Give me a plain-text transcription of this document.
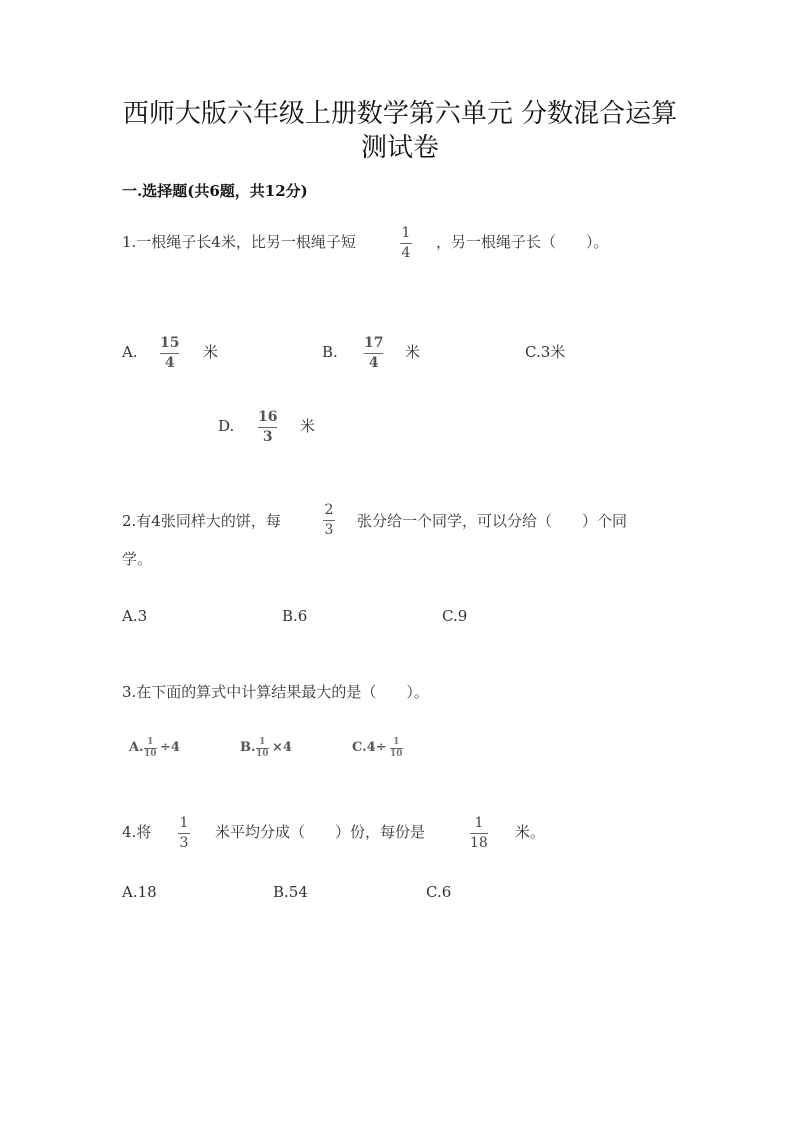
西师大版六年级上册数学第六单元 分数混合运算
测试卷
一.选择题(共6题，共12分)
1.一根绳子长4米，比另一根绳子短	1
4
，另一根绳子长（　　）。
A. 15
4
米	B. 17
4
米	C.3米
D. 16
3
米
2.有4张同样大的饼，每
2
3 张分给一个同学，可以分给（　　）个同
学。
A.3	B.6	C.9
3.在下面的算式中计算结果最大的是（　　）。
A. 1
10 ÷4	B. 1
10 ×4	C.4÷ 1
10
4.将 1
3
米平均分成（　　）份，每份是	1
18
米。
A.18	B.54	C.6
